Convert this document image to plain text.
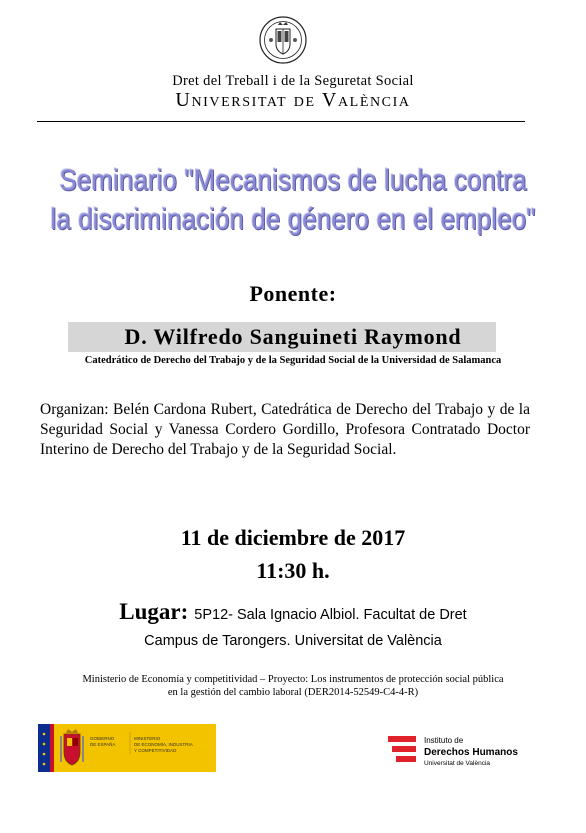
Dret del Treball i de la Seguretat Social
Universitat de València
Seminario "Mecanismos de lucha contra
la discriminación de género en el empleo"
Ponente:
D. Wilfredo Sanguineti Raymond
Catedrático de Derecho del Trabajo y de la Seguridad Social de la Universidad de Salamanca
Organizan: Belén Cardona Rubert, Catedrática de Derecho del Trabajo y de la Seguridad Social y Vanessa Cordero Gordillo, Profesora Contratado Doctor Interino de Derecho del Trabajo y de la Seguridad Social.
11 de diciembre de 2017
11:30 h.
Lugar: 5P12- Sala Ignacio Albiol. Facultat de Dret
Campus de Tarongers. Universitat de València
Ministerio de Economía y competitividad – Proyecto: Los instrumentos de protección social pública
en la gestión del cambio laboral (DER2014-52549-C4-4-R)
GOBIERNO DE ESPAÑA
MINISTERIO DE ECONOMÍA, INDUSTRIA Y COMPETITIVIDAD
Instituto de
Derechos Humanos
Universitat de València
